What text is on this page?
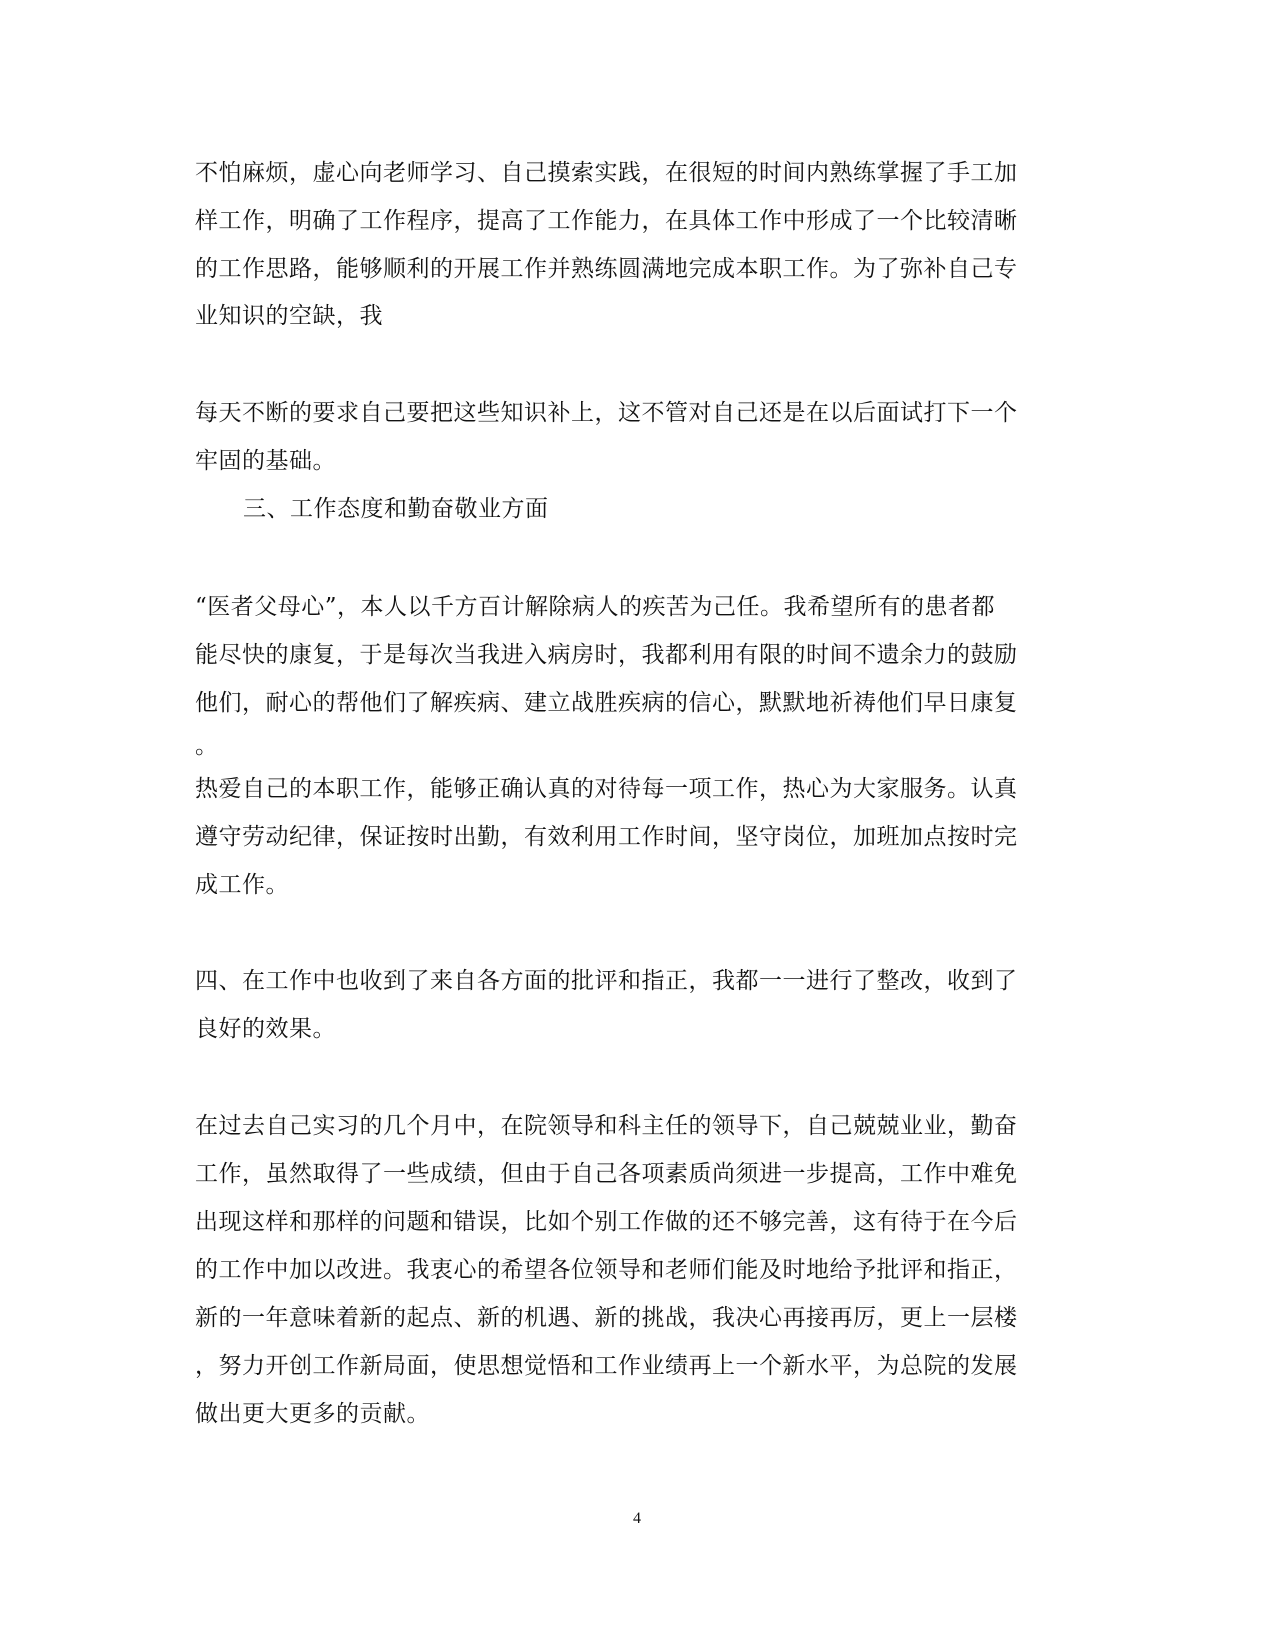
不怕麻烦，虚心向老师学习、自己摸索实践，在很短的时间内熟练掌握了手工加
样工作，明确了工作程序，提高了工作能力，在具体工作中形成了一个比较清晰
的工作思路，能够顺利的开展工作并熟练圆满地完成本职工作。为了弥补自己专
业知识的空缺，我
每天不断的要求自己要把这些知识补上，这不管对自己还是在以后面试打下一个
牢固的基础。
三、工作态度和勤奋敬业方面
“医者父母心”，本人以千方百计解除病人的疾苦为己任。我希望所有的患者都
能尽快的康复，于是每次当我进入病房时，我都利用有限的时间不遗余力的鼓励
他们，耐心的帮他们了解疾病、建立战胜疾病的信心，默默地祈祷他们早日康复
。
热爱自己的本职工作，能够正确认真的对待每一项工作，热心为大家服务。认真
遵守劳动纪律，保证按时出勤，有效利用工作时间，坚守岗位，加班加点按时完
成工作。
四、在工作中也收到了来自各方面的批评和指正，我都一一进行了整改，收到了
良好的效果。
在过去自己实习的几个月中，在院领导和科主任的领导下，自己兢兢业业，勤奋
工作，虽然取得了一些成绩，但由于自己各项素质尚须进一步提高，工作中难免
出现这样和那样的问题和错误，比如个别工作做的还不够完善，这有待于在今后
的工作中加以改进。我衷心的希望各位领导和老师们能及时地给予批评和指正，
新的一年意味着新的起点、新的机遇、新的挑战，我决心再接再厉，更上一层楼
，努力开创工作新局面，使思想觉悟和工作业绩再上一个新水平，为总院的发展
做出更大更多的贡献。
4
